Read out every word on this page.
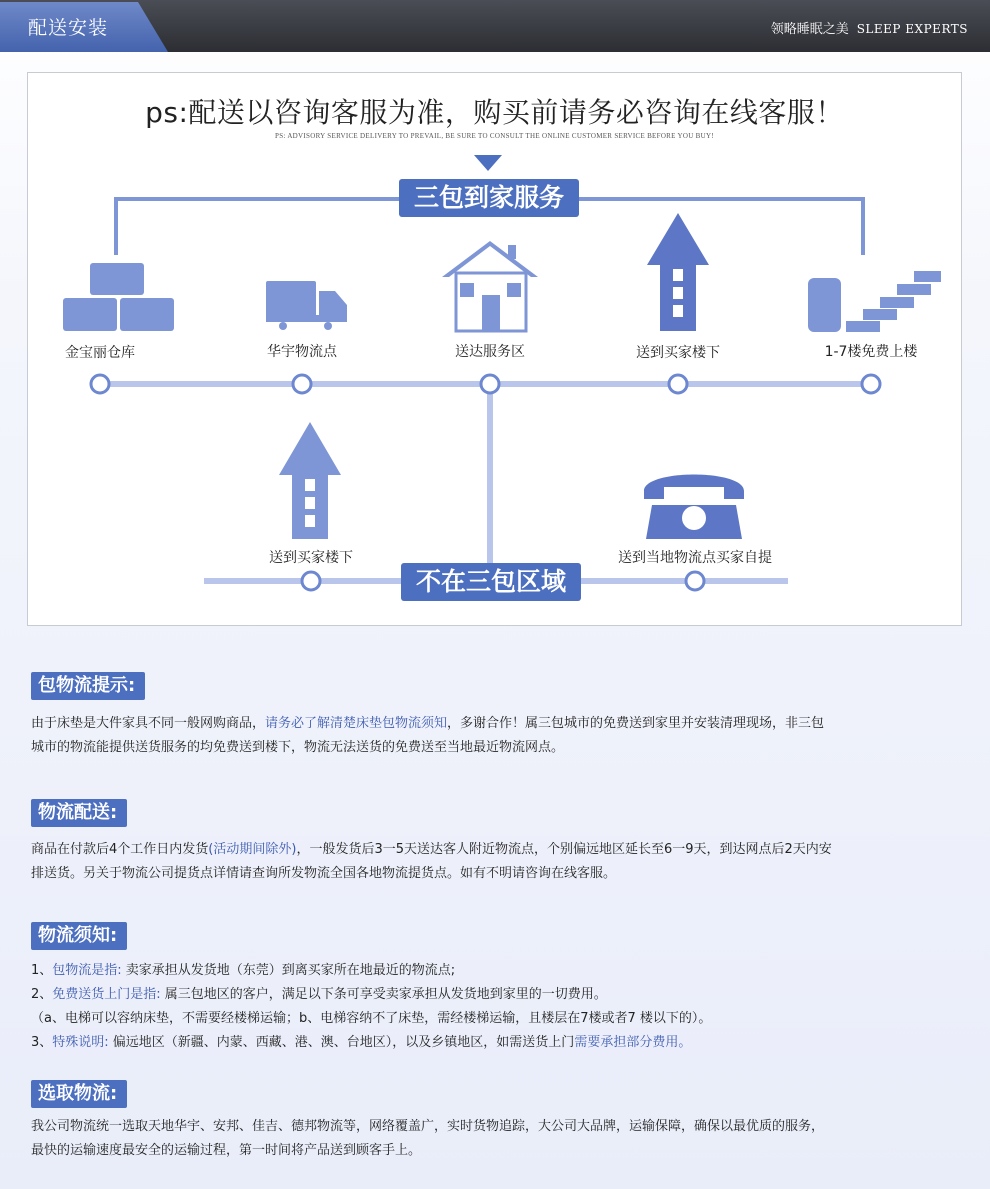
配送安装	领略睡眠之美 SLEEP EXPERTS
ps:配送以咨询客服为准，购买前请务必咨询在线客服！
PS: ADVISORY SERVICE DELIVERY TO PREVAIL, BE SURE TO CONSULT THE ONLINE CUSTOMER SERVICE BEFORE YOU BUY!
三包到家服务
不在三包区域
金宝丽仓库	华宇物流点	送达服务区	送到买家楼下	1-7楼免费上楼
送到买家楼下	送到当地物流点买家自提
包物流提示:
由于床垫是大件家具不同一般网购商品，请务必了解清楚床垫包物流须知，多谢合作！属三包城市的免费送到家里并安装清理现场，非三包
城市的物流能提供送货服务的均免费送到楼下，物流无法送货的免费送至当地最近物流网点。
物流配送:
商品在付款后4个工作日内发货(活动期间除外)，一般发货后3一5天送达客人附近物流点，个别偏远地区延长至6一9天，到达网点后2天内安
排送货。另关于物流公司提货点详情请查询所发物流全国各地物流提货点。如有不明请咨询在线客服。
物流须知:
1、包物流是指: 卖家承担从发货地（东莞）到离买家所在地最近的物流点;
2、免费送货上门是指: 属三包地区的客户，满足以下条可享受卖家承担从发货地到家里的一切费用。
（a、电梯可以容纳床垫，不需要经楼梯运输；b、电梯容纳不了床垫，需经楼梯运输，且楼层在7楼或者7 楼以下的）。
3、特殊说明: 偏远地区（新疆、内蒙、西藏、港、澳、台地区），以及乡镇地区，如需送货上门需要承担部分费用。
选取物流:
我公司物流统一选取天地华宇、安邦、佳吉、德邦物流等，网络覆盖广，实时货物追踪，大公司大品牌，运输保障，确保以最优质的服务，
最快的运输速度最安全的运输过程，第一时间将产品送到顾客手上。
